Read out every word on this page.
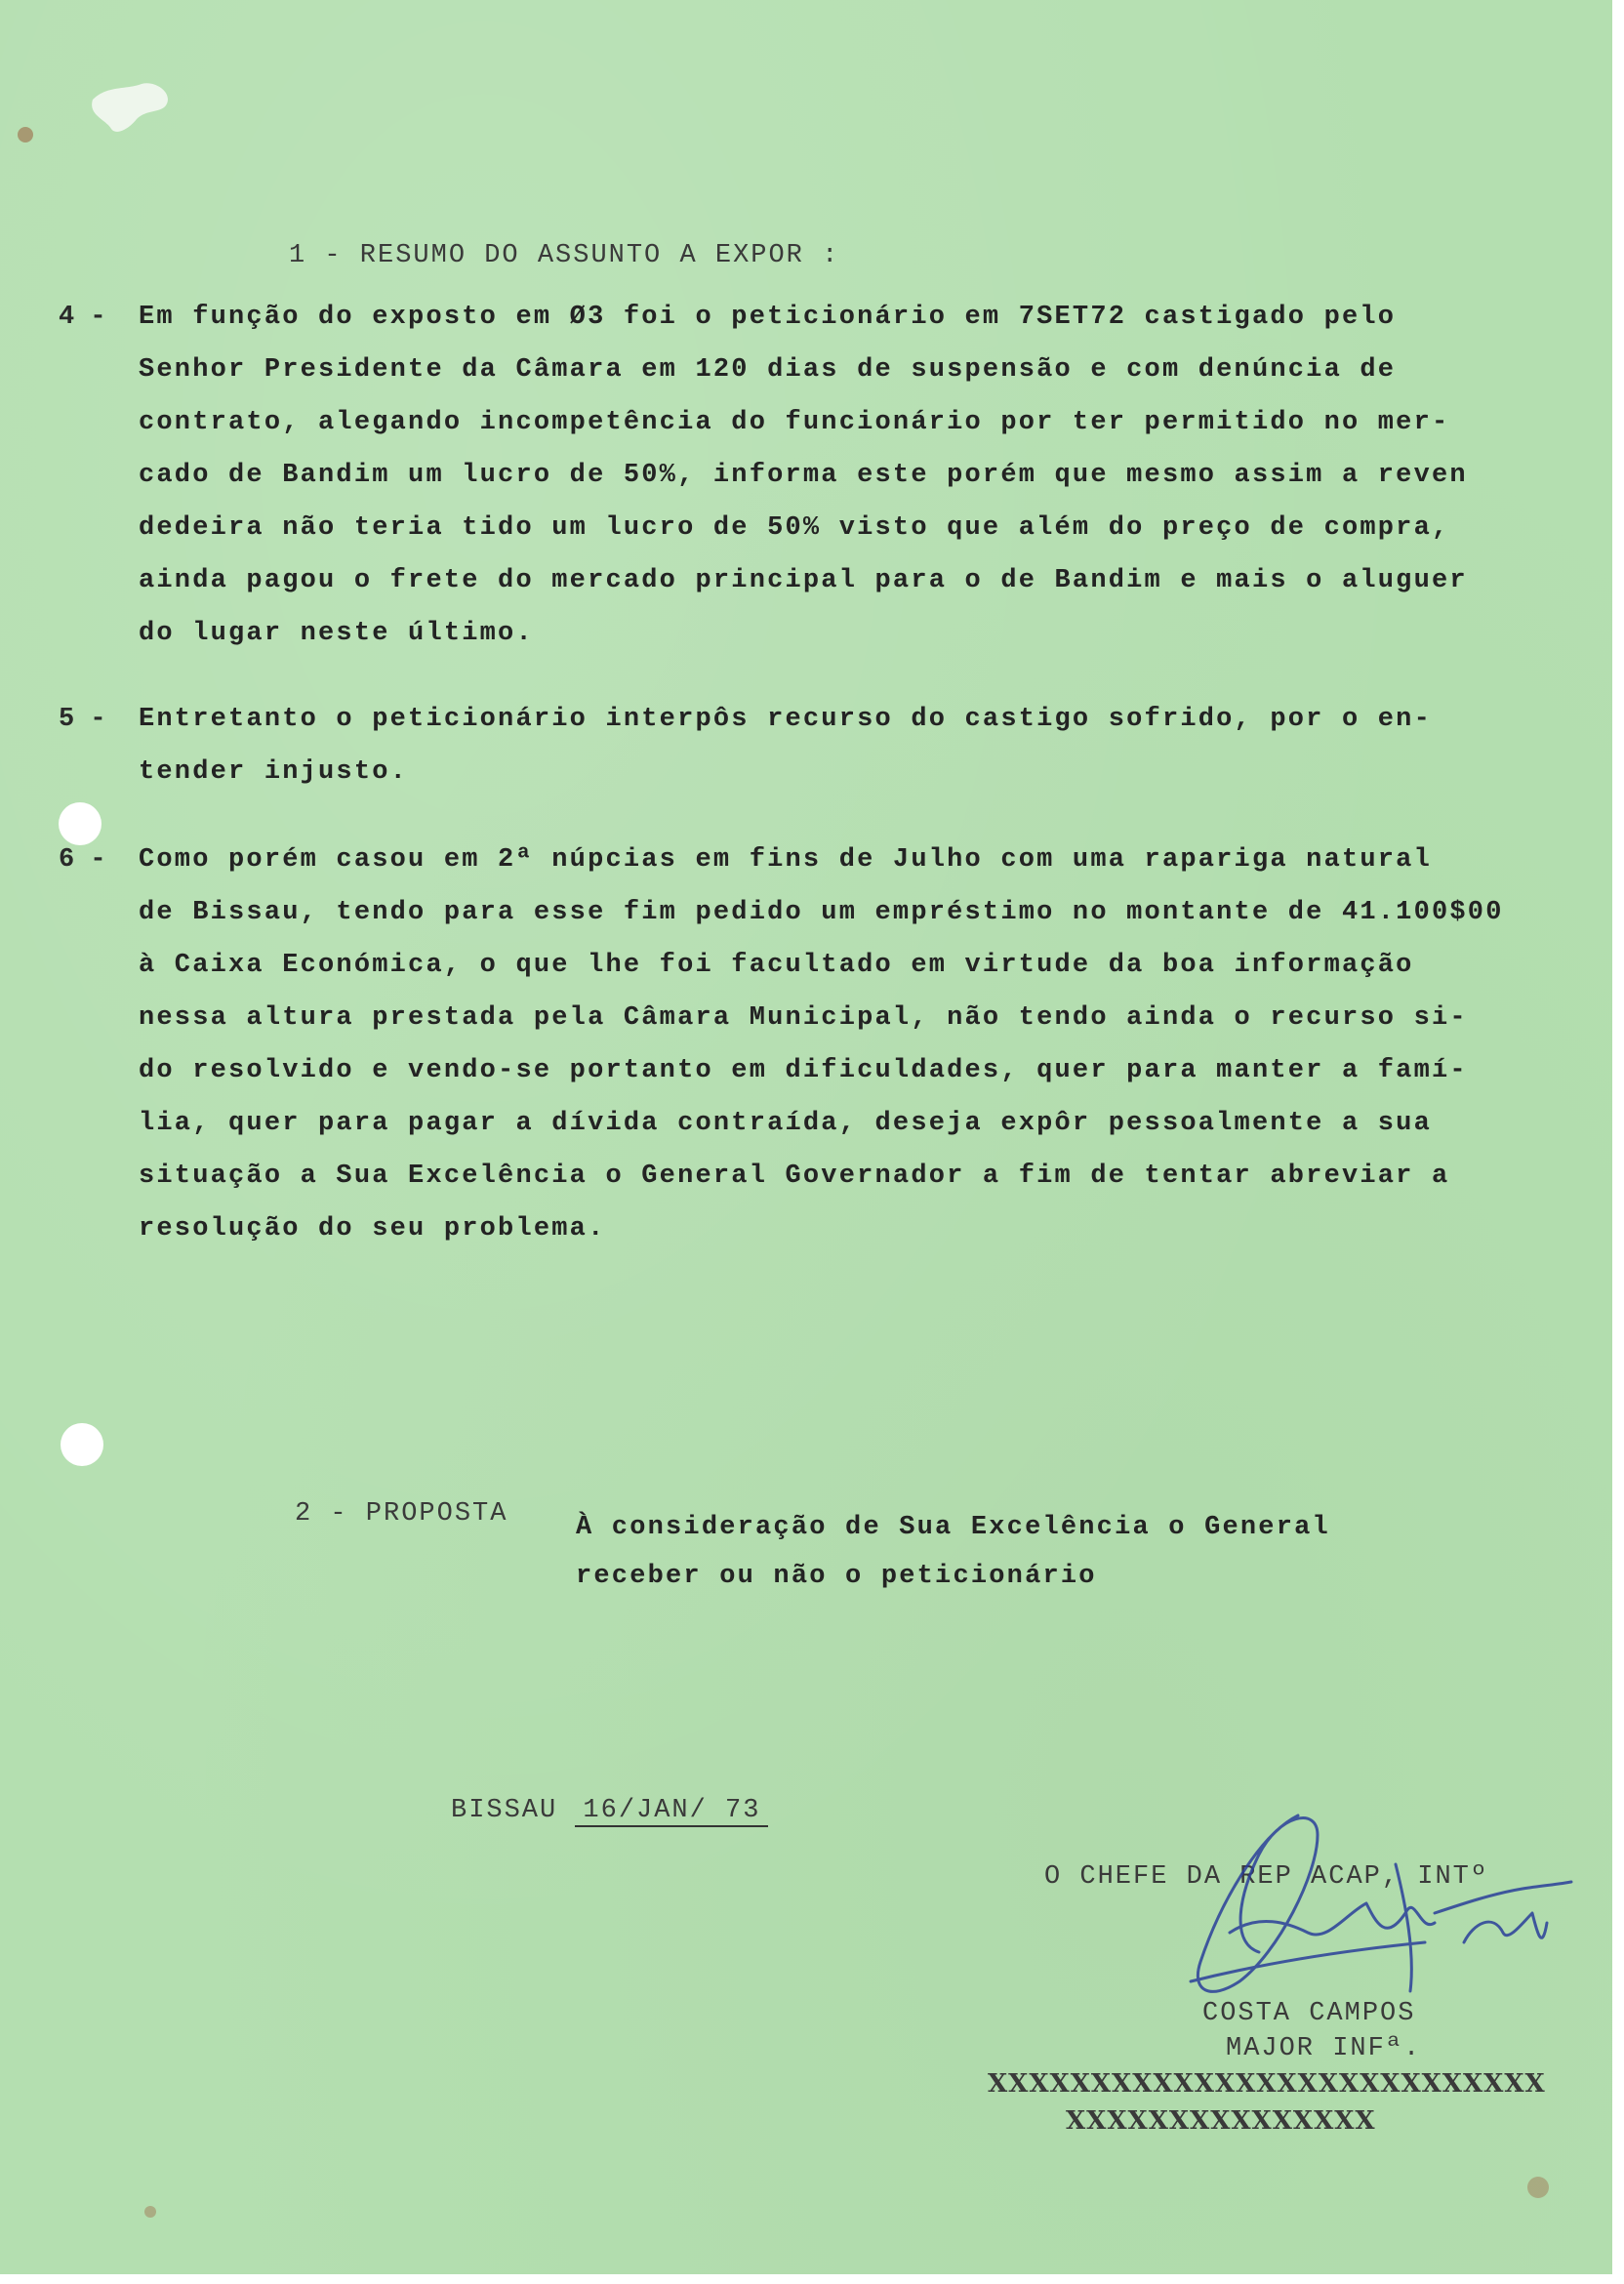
1 - RESUMO DO ASSUNTO A EXPOR :
4 - Em função do exposto em Ø3 foi o peticionário em 7SET72 castigado pelo
Senhor Presidente da Câmara em 120 dias de suspensão e com denúncia de
contrato, alegando incompetência do funcionário por ter permitido no mer-
cado de Bandim um lucro de 50%, informa este porém que mesmo assim a reven
dedeira não teria tido um lucro de 50% visto que além do preço de compra,
ainda pagou o frete do mercado principal para o de Bandim e mais o aluguer
do lugar neste último.
5 - Entretanto o peticionário interpôs recurso do castigo sofrido, por o en-
tender injusto.
6 - Como porém casou em 2ª núpcias em fins de Julho com uma rapariga natural
de Bissau, tendo para esse fim pedido um empréstimo no montante de 41.100$00
à Caixa Económica, o que lhe foi facultado em virtude da boa informação
nessa altura prestada pela Câmara Municipal, não tendo ainda o recurso si-
do resolvido e vendo-se portanto em dificuldades, quer para manter a famí-
lia, quer para pagar a dívida contraída, deseja expôr pessoalmente a sua
situação a Sua Excelência o General Governador a fim de tentar abreviar a
resolução do seu problema.
2 - PROPOSTA	À consideração de Sua Excelência o General
receber ou não o peticionário
BISSAU 16/JAN/ 73
O CHEFE DA REP ACAP, INTº
COSTA CAMPOS
MAJOR INFª.
XXXXXXXXXXXXXXXXXXXXXXXXXXX
XXXXXXXXXXXXXXX
